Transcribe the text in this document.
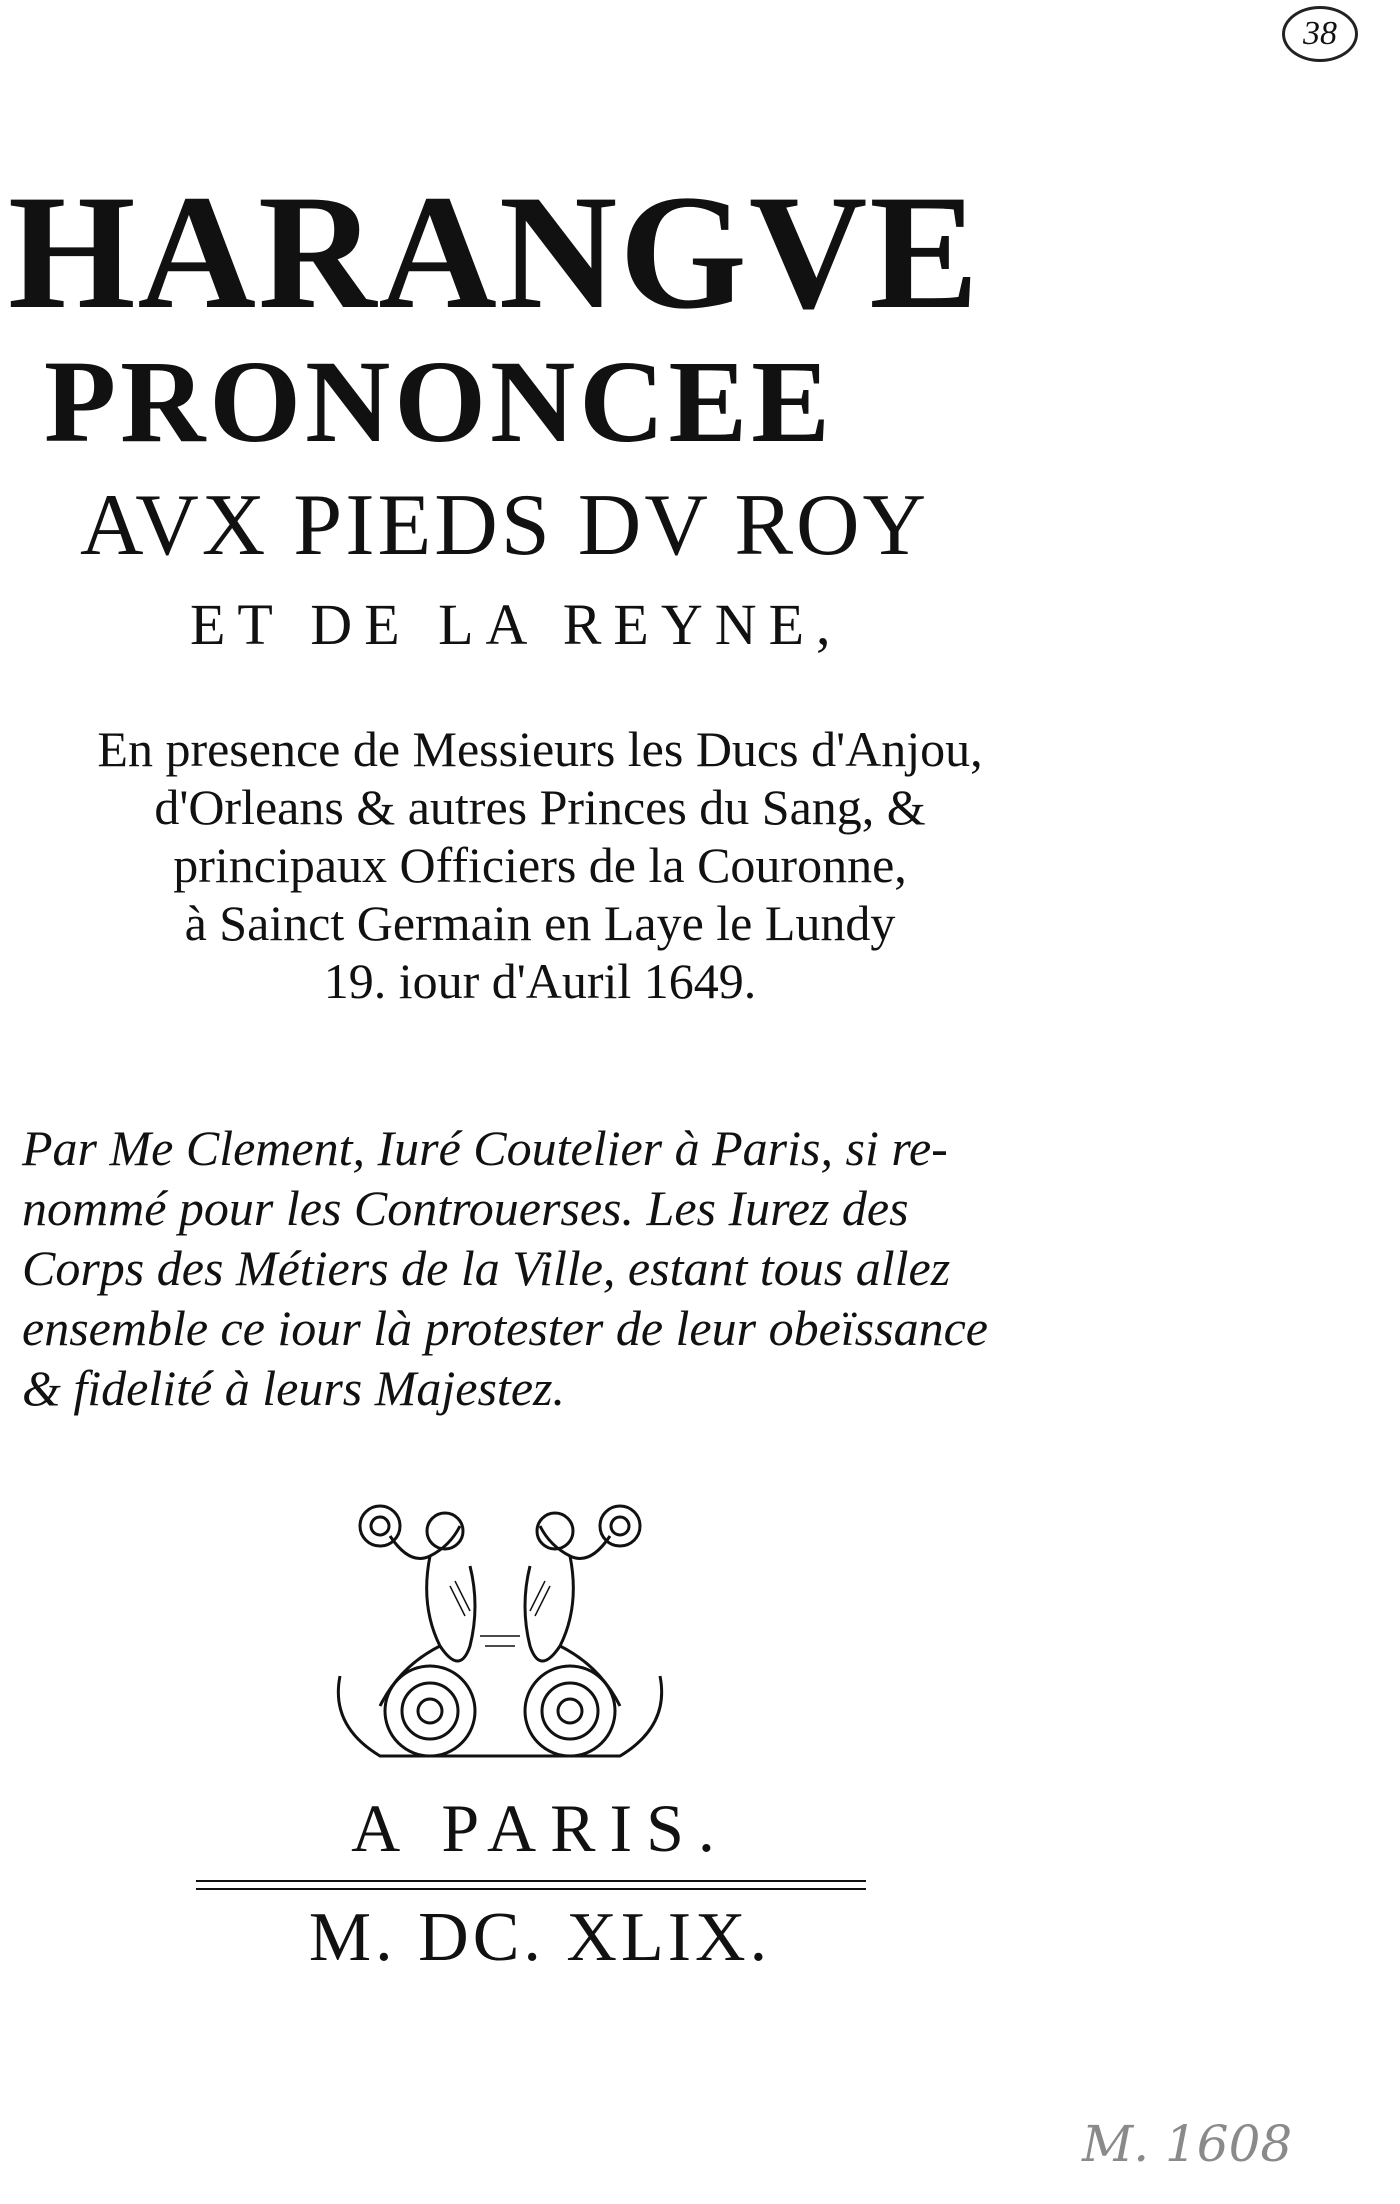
38
HARANGVE
PRONONCEE
AVX PIEDS DV ROY
ET DE LA REYNE,
En presence de Messieurs les Ducs d'Anjou,
d'Orleans & autres Princes du Sang, &
principaux Officiers de la Couronne,
à Sainct Germain en Laye le Lundy
19. iour d'Auril 1649.
Par Me Clement, Iuré Coutelier à Paris, si re-
nommé pour les Controuerses. Les Iurez des
Corps des Métiers de la Ville, estant tous allez
ensemble ce iour là protester de leur obeïssance
& fidelité à leurs Majestez.
A PARIS.
M. DC. XLIX.
M. 1608
